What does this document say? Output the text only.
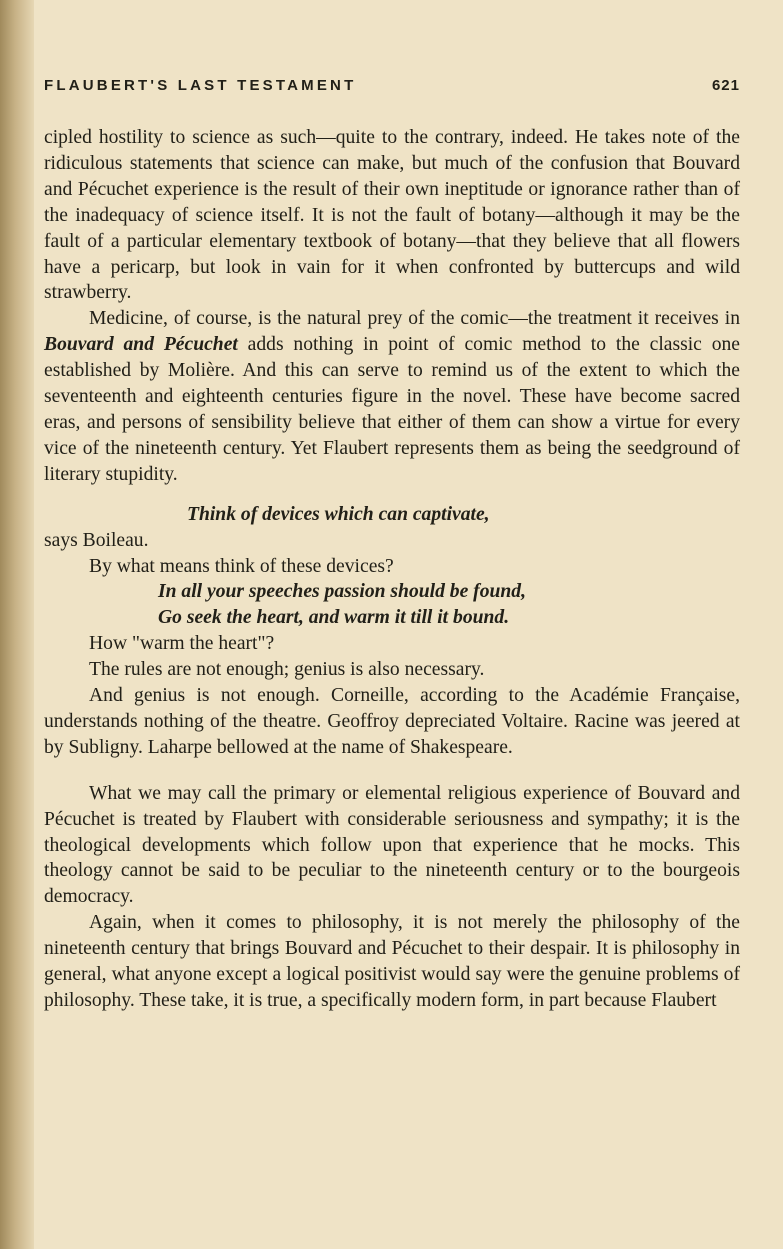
FLAUBERT'S LAST TESTAMENT	621

cipled hostility to science as such—quite to the contrary, indeed. He takes note of the ridiculous statements that science can make, but much of the confusion that Bouvard and Pécuchet experience is the result of their own ineptitude or ignorance rather than of the inadequacy of science itself. It is not the fault of botany—although it may be the fault of a particular elementary textbook of botany—that they believe that all flowers have a pericarp, but look in vain for it when confronted by buttercups and wild strawberry.

Medicine, of course, is the natural prey of the comic—the treatment it receives in Bouvard and Pécuchet adds nothing in point of comic method to the classic one established by Molière. And this can serve to remind us of the extent to which the seventeenth and eighteenth centuries figure in the novel. These have become sacred eras, and persons of sensibility believe that either of them can show a virtue for every vice of the nineteenth century. Yet Flaubert represents them as being the seedground of literary stupidity.

Think of devices which can captivate,

says Boileau.

By what means think of these devices?

In all your speeches passion should be found,

Go seek the heart, and warm it till it bound.

How "warm the heart"?

The rules are not enough; genius is also necessary.

And genius is not enough. Corneille, according to the Académie Française, understands nothing of the theatre. Geoffroy depreciated Voltaire. Racine was jeered at by Subligny. Laharpe bellowed at the name of Shakespeare.

What we may call the primary or elemental religious experience of Bouvard and Pécuchet is treated by Flaubert with considerable seriousness and sympathy; it is the theological developments which follow upon that experience that he mocks. This theology cannot be said to be peculiar to the nineteenth century or to the bourgeois democracy.

Again, when it comes to philosophy, it is not merely the philosophy of the nineteenth century that brings Bouvard and Pécuchet to their despair. It is philosophy in general, what anyone except a logical positivist would say were the genuine problems of philosophy. These take, it is true, a specifically modern form, in part because Flaubert
